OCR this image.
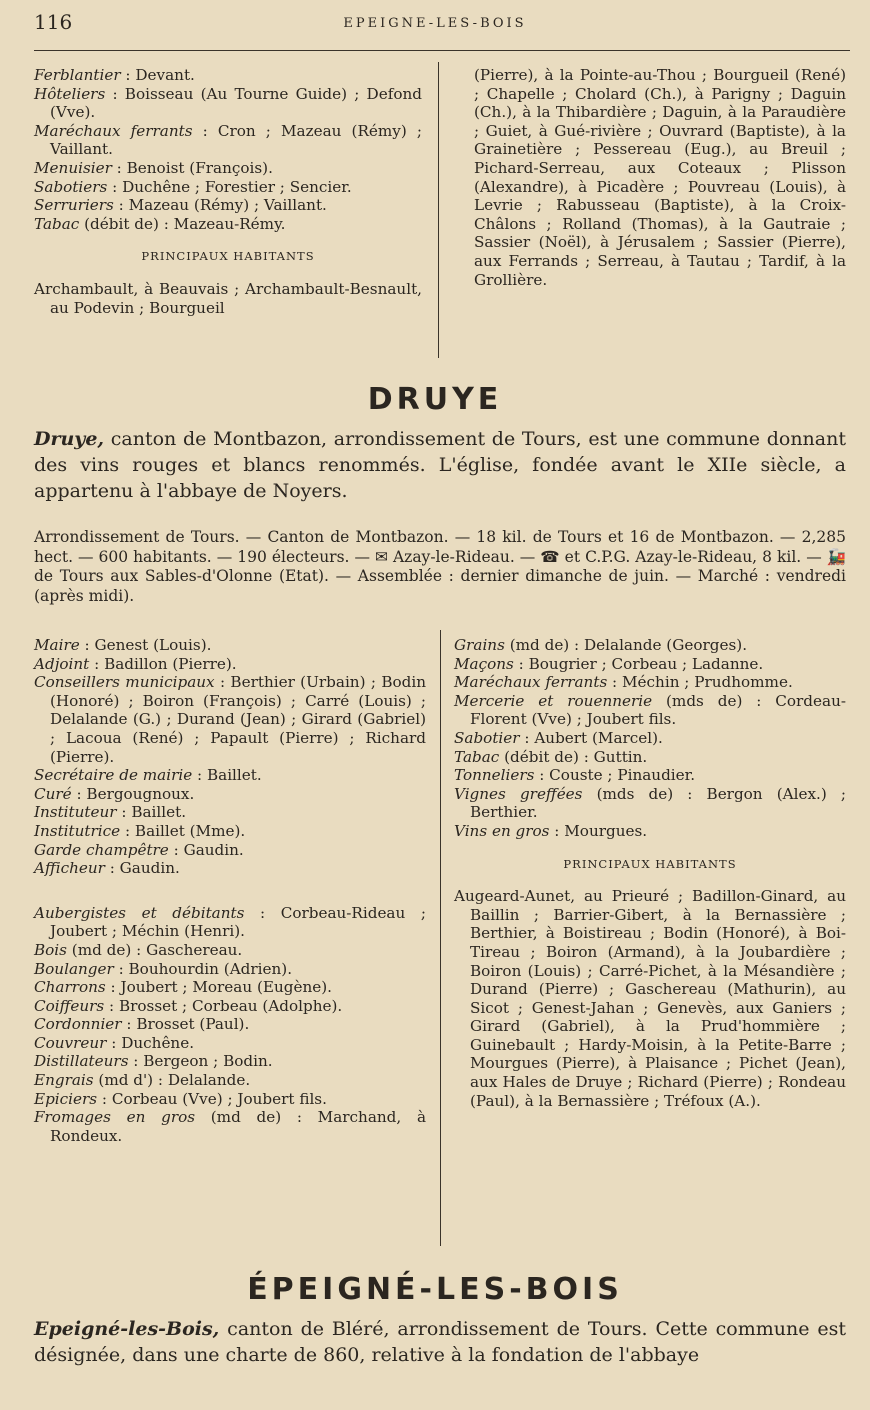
116	EPEIGNE-LES-BOIS

Ferblantier : Devant.

Hôteliers : Boisseau (Au Tourne Guide) ; Defond (Vve).

Maréchaux ferrants : Cron ; Mazeau (Rémy) ; Vaillant.

Menuisier : Benoist (François).

Sabotiers : Duchêne ; Forestier ; Sencier.

Serruriers : Mazeau (Rémy) ; Vaillant.

Tabac (débit de) : Mazeau-Rémy.

PRINCIPAUX HABITANTS

Archambault, à Beauvais ; Archambault-Besnault, au Podevin ; Bourgueil

(Pierre), à la Pointe-au-Thou ; Bourgueil (René) ; Chapelle ; Cholard (Ch.), à Parigny ; Daguin (Ch.), à la Thibardière ; Daguin, à la Paraudière ; Guiet, à Gué-rivière ; Ouvrard (Baptiste), à la Grainetière ; Pessereau (Eug.), au Breuil ; Pichard-Serreau, aux Coteaux ; Plisson (Alexandre), à Picadère ; Pouvreau (Louis), à Levrie ; Rabusseau (Baptiste), à la Croix-Châlons ; Rolland (Thomas), à la Gautraie ; Sassier (Noël), à Jérusalem ; Sassier (Pierre), aux Ferrands ; Serreau, à Tautau ; Tardif, à la Grollière.

DRUYE
Druye, canton de Montbazon, arrondissement de Tours, est une commune donnant des vins rouges et blancs renommés. L'église, fondée avant le XIIe siècle, a appartenu à l'abbaye de Noyers.
Arrondissement de Tours. — Canton de Montbazon. — 18 kil. de Tours et 16 de Montbazon. — 2,285 hect. — 600 habitants. — 190 électeurs. — ✉ Azay-le-Rideau. — ☎ et C.P.G. Azay-le-Rideau, 8 kil. — 🚂 de Tours aux Sables-d'Olonne (Etat). — Assemblée : dernier dimanche de juin. — Marché : vendredi (après midi).

Maire : Genest (Louis).

Adjoint : Badillon (Pierre).

Conseillers municipaux : Berthier (Urbain) ; Bodin (Honoré) ; Boiron (François) ; Carré (Louis) ; Delalande (G.) ; Durand (Jean) ; Girard (Gabriel) ; Lacoua (René) ; Papault (Pierre) ; Richard (Pierre).

Secrétaire de mairie : Baillet.

Curé : Bergougnoux.

Instituteur : Baillet.

Institutrice : Baillet (Mme).

Garde champêtre : Gaudin.

Afficheur : Gaudin.

Aubergistes et débitants : Corbeau-Rideau ; Joubert ; Méchin (Henri).

Bois (md de) : Gaschereau.

Boulanger : Bouhourdin (Adrien).

Charrons : Joubert ; Moreau (Eugène).

Coiffeurs : Brosset ; Corbeau (Adolphe).

Cordonnier : Brosset (Paul).

Couvreur : Duchêne.

Distillateurs : Bergeon ; Bodin.

Engrais (md d') : Delalande.

Epiciers : Corbeau (Vve) ; Joubert fils.

Fromages en gros (md de) : Marchand, à Rondeux.

Grains (md de) : Delalande (Georges).

Maçons : Bougrier ; Corbeau ; Ladanne.

Maréchaux ferrants : Méchin ; Prudhomme.

Mercerie et rouennerie (mds de) : Cordeau-Florent (Vve) ; Joubert fils.

Sabotier : Aubert (Marcel).

Tabac (débit de) : Guttin.

Tonneliers : Couste ; Pinaudier.

Vignes greffées (mds de) : Bergon (Alex.) ; Berthier.

Vins en gros : Mourgues.

PRINCIPAUX HABITANTS

Augeard-Aunet, au Prieuré ; Badillon-Ginard, au Baillin ; Barrier-Gibert, à la Bernassière ; Berthier, à Boistireau ; Bodin (Honoré), à Boi-Tireau ; Boiron (Armand), à la Joubardière ; Boiron (Louis) ; Carré-Pichet, à la Mésandière ; Durand (Pierre) ; Gaschereau (Mathurin), au Sicot ; Genest-Jahan ; Genevès, aux Ganiers ; Girard (Gabriel), à la Prud'hommière ; Guinebault ; Hardy-Moisin, à la Petite-Barre ; Mourgues (Pierre), à Plaisance ; Pichet (Jean), aux Hales de Druye ; Richard (Pierre) ; Rondeau (Paul), à la Bernassière ; Tréfoux (A.).

ÉPEIGNÉ-LES-BOIS
Epeigné-les-Bois, canton de Bléré, arrondissement de Tours. Cette commune est désignée, dans une charte de 860, relative à la fondation de l'abbaye
